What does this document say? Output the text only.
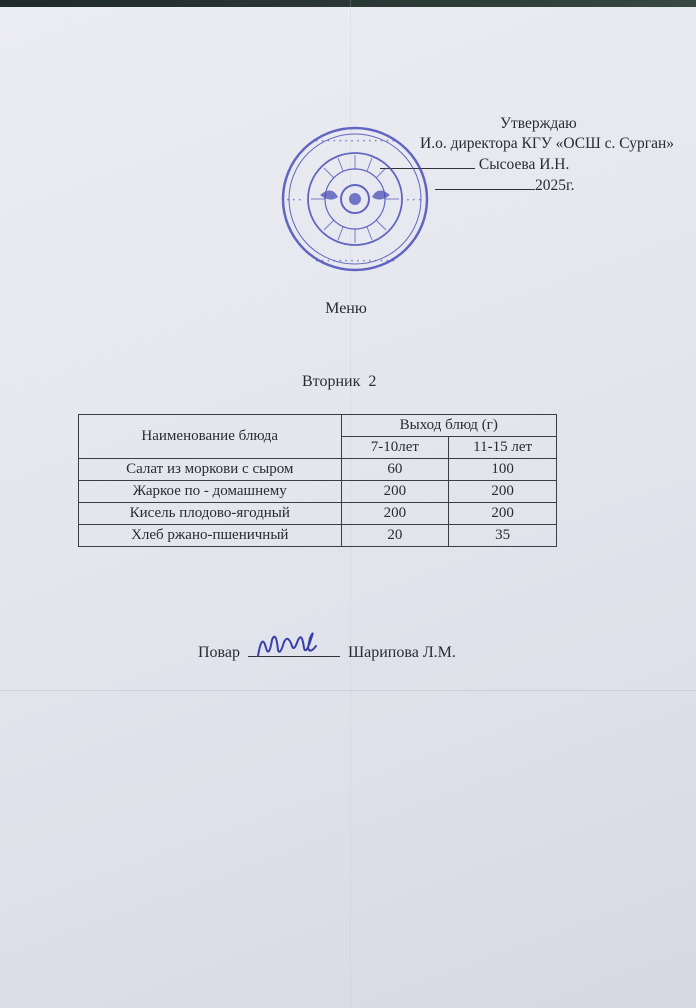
Утверждаю
И.о. директора КГУ «ОСШ с. Сурган»
Сысоева И.Н.
2025г.
• • • • • • • • • • • • • •
• • • • • • • • • • • • • •
• • •	• • •
Меню
Вторник  2
Наименование блюда	Выход блюд (г)	
	7-10лет	11-15 лет
Салат из моркови с сыром	60	100
Жаркое по - домашнему	200	200
Кисель плодово-ягодный	200	200
Хлеб ржано-пшеничный	20	35
Повар	Шарипова Л.М.
